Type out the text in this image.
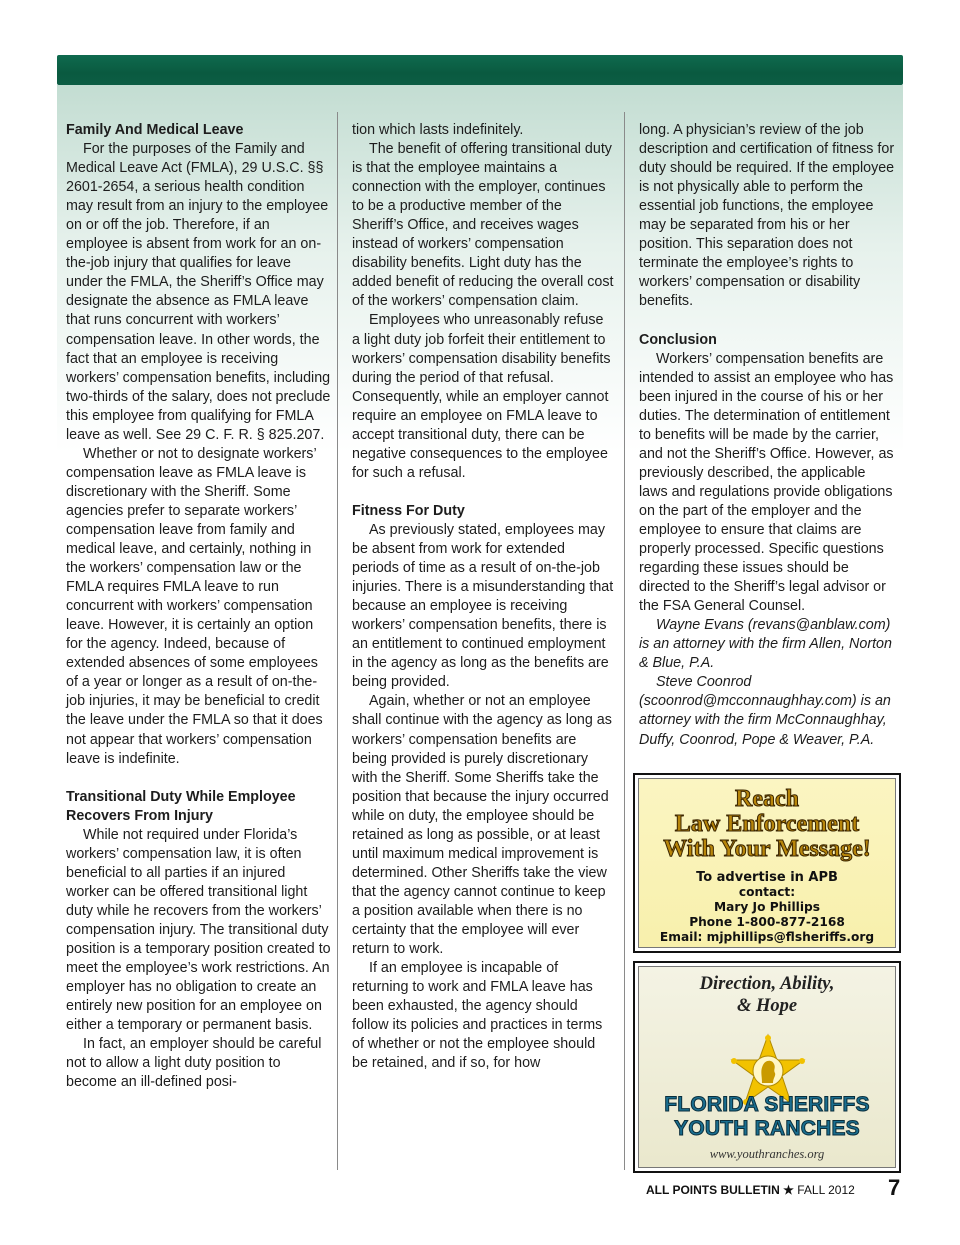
Family And Medical Leave

For the purposes of the Family and Medical Leave Act (FMLA), 29 U.S.C. §§ 2601-2654, a serious health condition may result from an injury to the employee on or off the job. Therefore, if an employee is absent from work for an on-the-job injury that qualifies for leave under the FMLA, the Sheriff’s Office may designate the absence as FMLA leave that runs concurrent with workers’ compensation leave. In other words, the fact that an employee is receiving workers’ compensation benefits, including two-thirds of the salary, does not preclude this employee from qualifying for FMLA leave as well. See 29 C. F. R. § 825.207.

Whether or not to designate workers’ compensation leave as FMLA leave is discretionary with the Sheriff. Some agencies prefer to separate workers’ compensation leave from family and medical leave, and certainly, nothing in the workers’ compensation law or the FMLA requires FMLA leave to run concurrent with workers’ compensation leave. However, it is certainly an option for the agency. Indeed, because of extended absences of some employees of a year or longer as a result of on-the-job injuries, it may be beneficial to credit the leave under the FMLA so that it does not appear that workers’ compensation leave is indefinite.

Transitional Duty While Employee Recovers From Injury

While not required under Florida’s workers’ compensation law, it is often beneficial to all parties if an injured worker can be offered transitional light duty while he recovers from the workers’ compensation injury. The transitional duty position is a temporary position created to meet the employee’s work restrictions. An employer has no obligation to create an entirely new position for an employee on either a temporary or permanent basis.

In fact, an employer should be careful not to allow a light duty position to become an ill-defined posi-

tion which lasts indefinitely.

The benefit of offering transitional duty is that the employee maintains a connection with the employer, continues to be a productive member of the Sheriff’s Office, and receives wages instead of workers’ compensation disability benefits. Light duty has the added benefit of reducing the overall cost of the workers’ compensation claim.

Employees who unreasonably refuse a light duty job forfeit their entitlement to workers’ compensation disability benefits during the period of that refusal. Consequently, while an employer cannot require an employee on FMLA leave to accept transitional duty, there can be negative consequences to the employee for such a refusal.

Fitness For Duty

As previously stated, employees may be absent from work for extended periods of time as a result of on-the-job injuries. There is a misunderstanding that because an employee is receiving workers’ compensation benefits, there is an entitlement to continued employment in the agency as long as the benefits are being provided.

Again, whether or not an employee shall continue with the agency as long as workers’ compensation benefits are being provided is purely discretionary with the Sheriff. Some Sheriffs take the position that because the injury occurred while on duty, the employee should be retained as long as possible, or at least until maximum medical improvement is determined. Other Sheriffs take the view that the agency cannot continue to keep a position available when there is no certainty that the employee will ever return to work.

If an employee is incapable of returning to work and FMLA leave has been exhausted, the agency should follow its policies and practices in terms of whether or not the employee should be retained, and if so, for how

long. A physician’s review of the job description and certification of fitness for duty should be required. If the employee is not physically able to perform the essential job functions, the employee may be separated from his or her position. This separation does not terminate the employee’s rights to workers’ compensation or disability benefits.

Conclusion

Workers’ compensation benefits are intended to assist an employee who has been injured in the course of his or her duties. The determination of entitlement to benefits will be made by the carrier, and not the Sheriff’s Office. However, as previously described, the applicable laws and regulations provide obligations on the part of the employer and the employee to ensure that claims are properly processed. Specific questions regarding these issues should be directed to the Sheriff’s legal advisor or the FSA General Counsel.

Wayne Evans (revans@anblaw.com) is an attorney with the firm Allen, Norton & Blue, P.A.

Steve Coonrod (scoonrod@mcconnaughhay.com) is an attorney with the firm McConnaughhay, Duffy, Coonrod, Pope & Weaver, P.A.

Reach
Law Enforcement
With Your Message!
To advertise in APB
contact:
Mary Jo Phillips
Phone 1-800-877-2168
Email: mjphillips@flsheriffs.org
Direction, Ability,
& Hope
FLORIDA SHERIFFS
YOUTH RANCHES
www.youthranches.org
ALL POINTS BULLETIN ★ FALL 2012 7
